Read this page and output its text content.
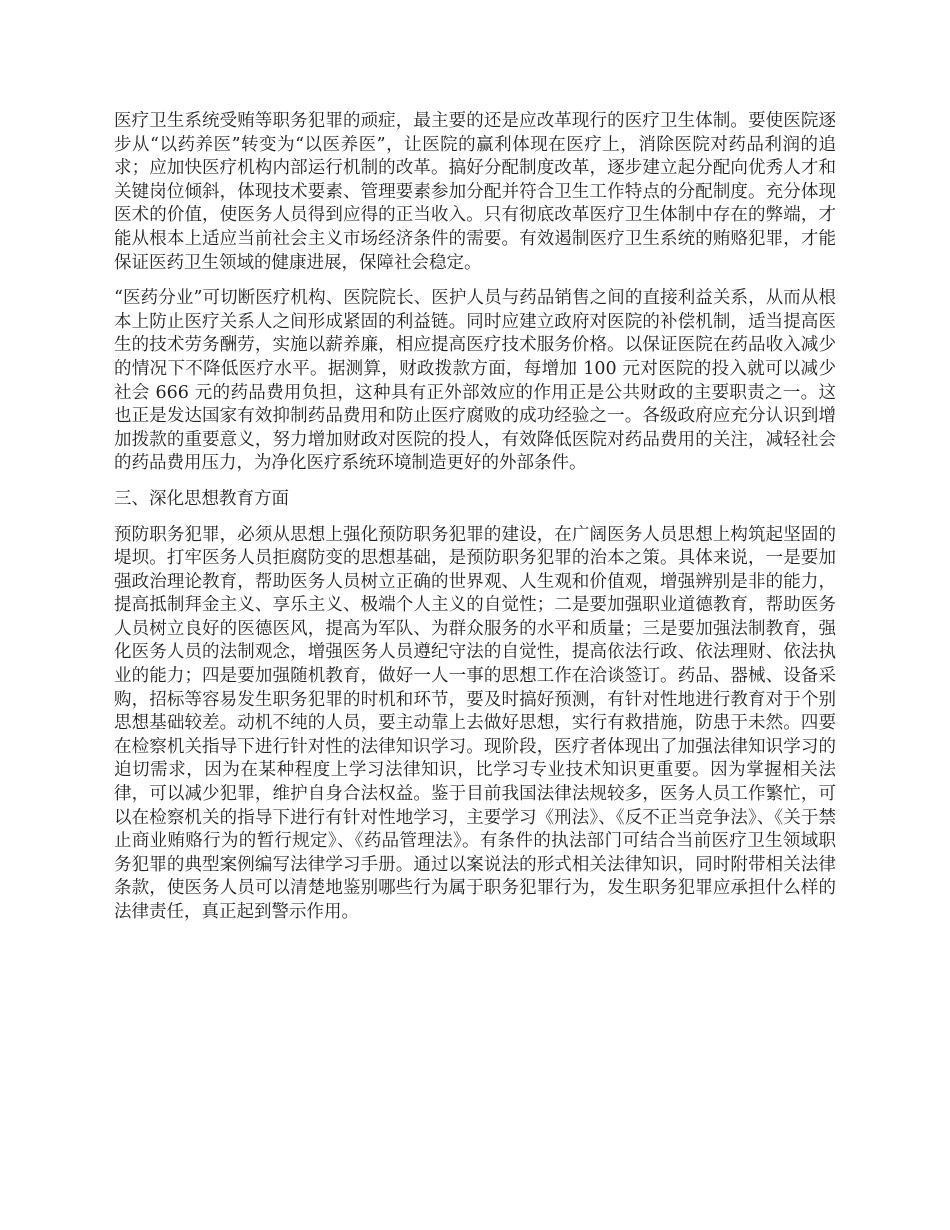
医疗卫生系统受贿等职务犯罪的顽症，最主要的还是应改革现行的医疗卫生体制。要使医院逐步从“以药养医”转变为“以医养医”，让医院的赢利体现在医疗上，消除医院对药品利润的追求；应加快医疗机构内部运行机制的改革。搞好分配制度改革，逐步建立起分配向优秀人才和关键岗位倾斜，体现技术要素、管理要素参加分配并符合卫生工作特点的分配制度。充分体现医术的价值，使医务人员得到应得的正当收入。只有彻底改革医疗卫生体制中存在的弊端，才能从根本上适应当前社会主义市场经济条件的需要。有效遏制医疗卫生系统的贿赂犯罪，才能保证医药卫生领域的健康进展，保障社会稳定。

“医药分业”可切断医疗机构、医院院长、医护人员与药品销售之间的直接利益关系，从而从根本上防止医疗关系人之间形成紧固的利益链。同时应建立政府对医院的补偿机制，适当提高医生的技术劳务酬劳，实施以薪养廉，相应提高医疗技术服务价格。以保证医院在药品收入减少的情况下不降低医疗水平。据测算，财政拨款方面，每增加 100 元对医院的投入就可以减少社会 666 元的药品费用负担，这种具有正外部效应的作用正是公共财政的主要职责之一。这也正是发达国家有效抑制药品费用和防止医疗腐败的成功经验之一。各级政府应充分认识到增加拨款的重要意义，努力增加财政对医院的投人，有效降低医院对药品费用的关注，减轻社会的药品费用压力，为净化医疗系统环境制造更好的外部条件。

三、深化思想教育方面

预防职务犯罪，必须从思想上强化预防职务犯罪的建设，在广阔医务人员思想上构筑起坚固的堤坝。打牢医务人员拒腐防变的思想基础，是预防职务犯罪的治本之策。具体来说，一是要加强政治理论教育，帮助医务人员树立正确的世界观、人生观和价值观，增强辨别是非的能力，提高抵制拜金主义、享乐主义、极端个人主义的自觉性；二是要加强职业道德教育，帮助医务人员树立良好的医德医风，提高为军队、为群众服务的水平和质量；三是要加强法制教育，强化医务人员的法制观念，增强医务人员遵纪守法的自觉性，提高依法行政、依法理财、依法执业的能力；四是要加强随机教育，做好一人一事的思想工作在洽谈签订。药品、器械、设备采购，招标等容易发生职务犯罪的时机和环节，要及时搞好预测，有针对性地进行教育对于个别思想基础较差。动机不纯的人员，要主动靠上去做好思想，实行有救措施，防患于未然。四要在检察机关指导下进行针对性的法律知识学习。现阶段，医疗者体现出了加强法律知识学习的迫切需求，因为在某种程度上学习法律知识，比学习专业技术知识更重要。因为掌握相关法律，可以减少犯罪，维护自身合法权益。鉴于目前我国法律法规较多，医务人员工作繁忙，可以在检察机关的指导下进行有针对性地学习，主要学习《刑法》、《反不正当竞争法》、《关于禁止商业贿赂行为的暂行规定》、《药品管理法》。有条件的执法部门可结合当前医疗卫生领域职务犯罪的典型案例编写法律学习手册。通过以案说法的形式相关法律知识，同时附带相关法律条款，使医务人员可以清楚地鉴别哪些行为属于职务犯罪行为，发生职务犯罪应承担什么样的法律责任，真正起到警示作用。
